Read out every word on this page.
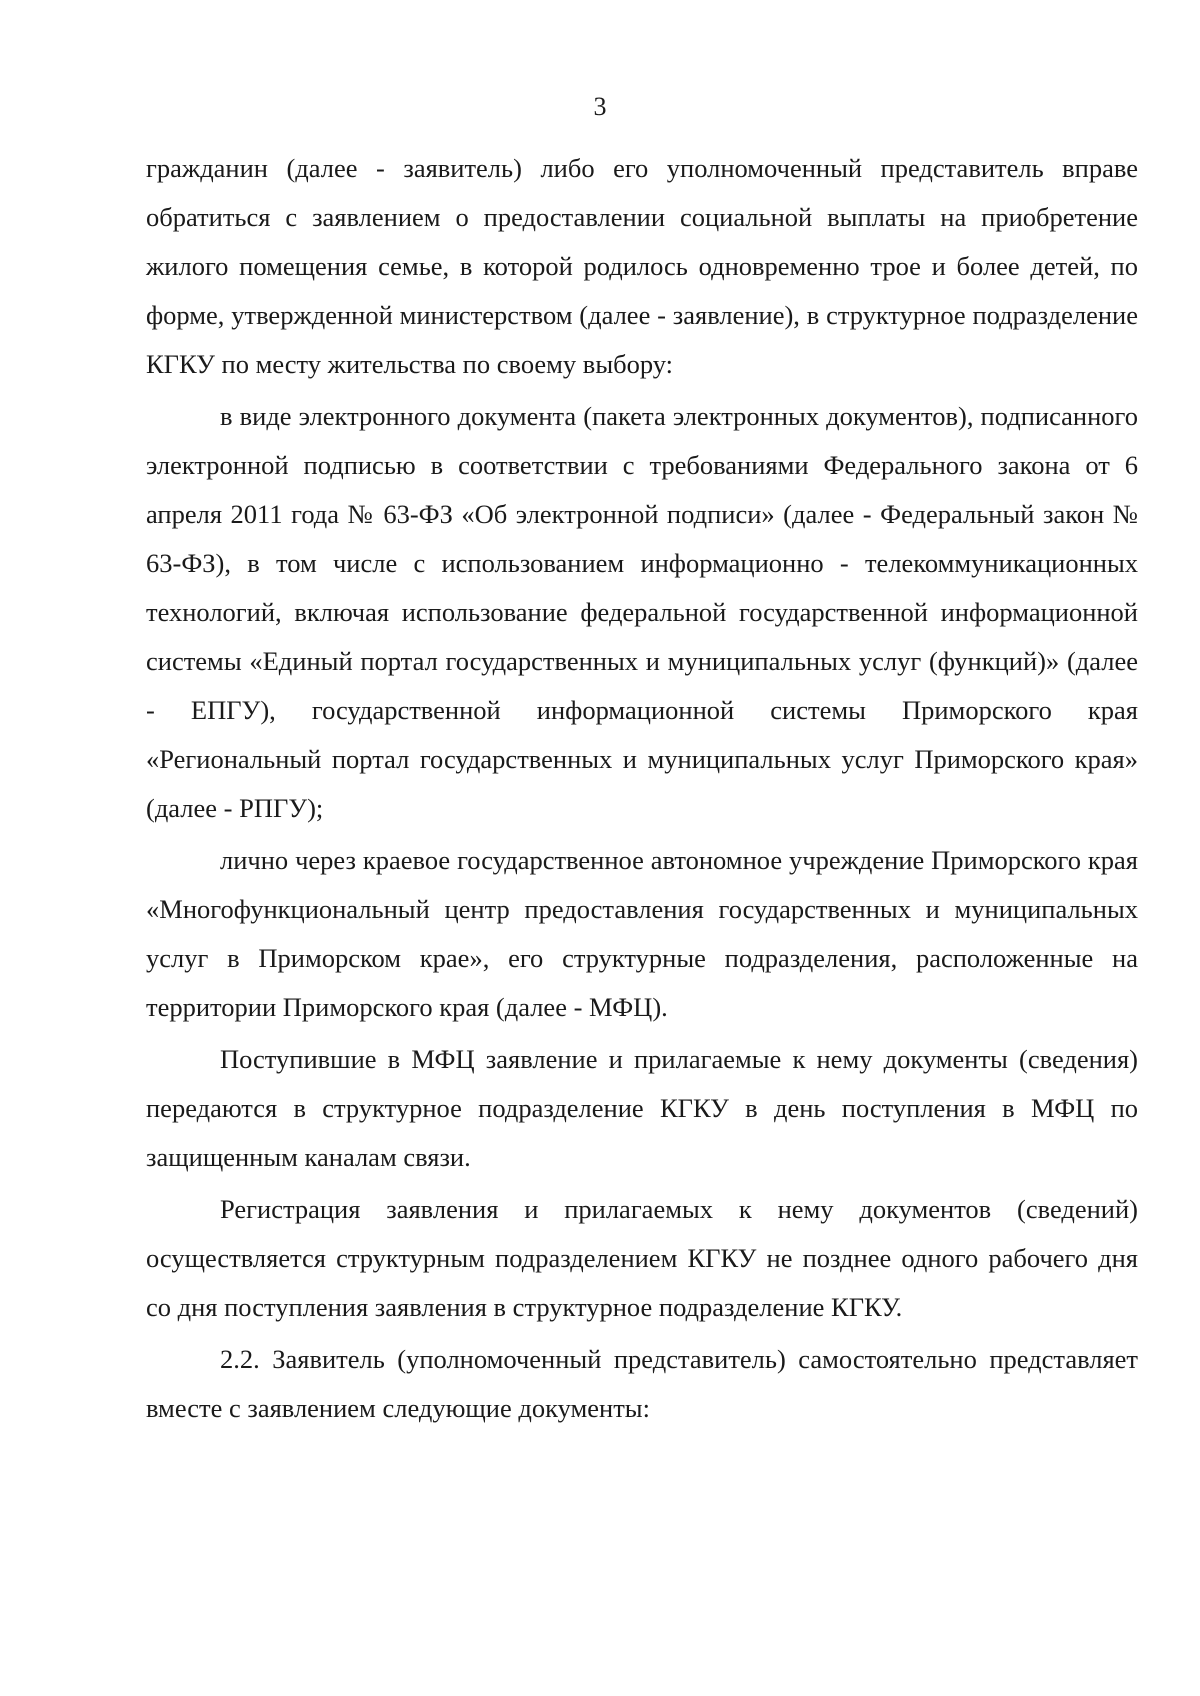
3

гражданин (далее - заявитель) либо его уполномоченный представитель вправе обратиться с заявлением о предоставлении социальной выплаты на приобретение жилого помещения семье, в которой родилось одновременно трое и более детей, по форме, утвержденной министерством (далее - заявление), в структурное подразделение КГКУ по месту жительства по своему выбору:

в виде электронного документа (пакета электронных документов), подписанного электронной подписью в соответствии с требованиями Федерального закона от 6 апреля 2011 года № 63-ФЗ «Об электронной подписи» (далее - Федеральный закон № 63-ФЗ), в том числе с использованием информационно - телекоммуникационных технологий, включая использование федеральной государственной информационной системы «Единый портал государственных и муниципальных услуг (функций)» (далее - ЕПГУ), государственной информационной системы Приморского края «Региональный портал государственных и муниципальных услуг Приморского края» (далее - РПГУ);

лично через краевое государственное автономное учреждение Приморского края «Многофункциональный центр предоставления государственных и муниципальных услуг в Приморском крае», его структурные подразделения, расположенные на территории Приморского края (далее - МФЦ).

Поступившие в МФЦ заявление и прилагаемые к нему документы (сведения) передаются в структурное подразделение КГКУ в день поступления в МФЦ по защищенным каналам связи.

Регистрация заявления и прилагаемых к нему документов (сведений) осуществляется структурным подразделением КГКУ не позднее одного рабочего дня со дня поступления заявления в структурное подразделение КГКУ.

2.2. Заявитель (уполномоченный представитель) самостоятельно представляет вместе с заявлением следующие документы:
